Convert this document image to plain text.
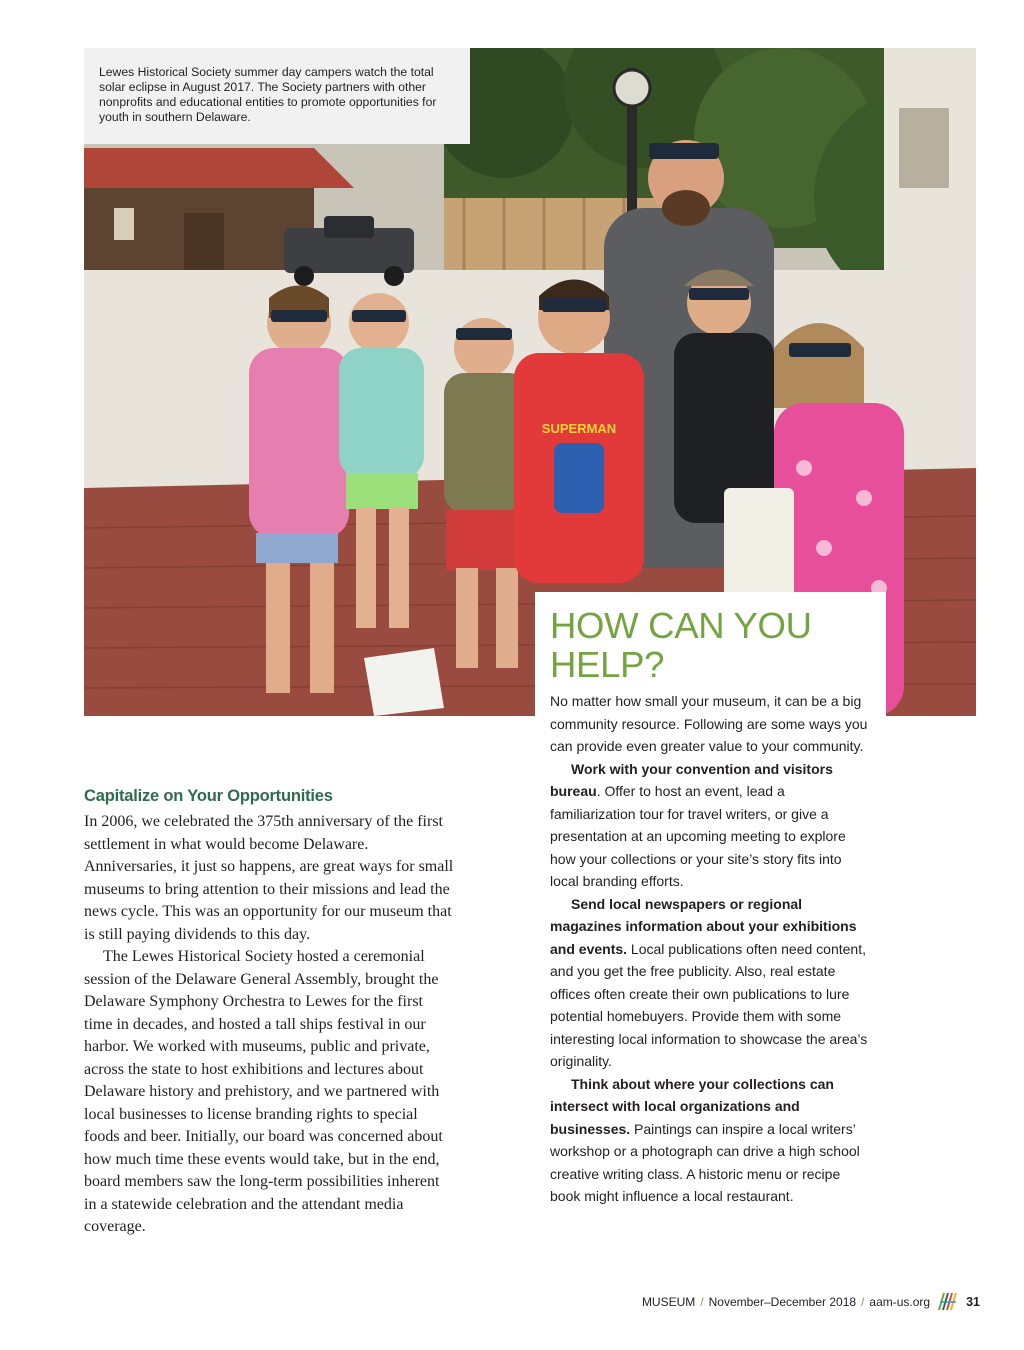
SUPERMAN
Lewes Historical Society summer day campers watch the total solar eclipse in August 2017. The Society partners with other nonprofits and educational entities to promote opportunities for youth in southern Delaware.
HOW CAN YOU HELP?

No matter how small your museum, it can be a big community resource. Following are some ways you can provide even greater value to your community.

Work with your convention and visitors bureau. Offer to host an event, lead a familiarization tour for travel writers, or give a presentation at an upcoming meeting to explore how your collections or your site’s story fits into local branding efforts.

Send local newspapers or regional magazines information about your exhibitions and events. Local publications often need content, and you get the free publicity. Also, real estate offices often create their own publications to lure potential homebuyers. Provide them with some interesting local information to showcase the area’s originality.

Think about where your collections can intersect with local organizations and businesses. Paintings can inspire a local writers’ workshop or a photograph can drive a high school creative writing class. A historic menu or recipe book might influence a local restaurant.

Capitalize on Your Opportunities

In 2006, we celebrated the 375th anniversary of the first settlement in what would become Delaware. Anniversaries, it just so happens, are great ways for small museums to bring attention to their missions and lead the news cycle. This was an opportunity for our museum that is still paying dividends to this day.

The Lewes Historical Society hosted a ceremonial session of the Delaware General Assembly, brought the Delaware Symphony Orchestra to Lewes for the first time in decades, and hosted a tall ships festival in our harbor. We worked with museums, public and private, across the state to host exhibitions and lectures about Delaware history and prehistory, and we partnered with local businesses to license branding rights to special foods and beer. Initially, our board was concerned about how much time these events would take, but in the end, board members saw the long-term possibilities inherent in a statewide celebration and the attendant media coverage.

MUSEUM / November–December 2018 / aam-us.org	31
